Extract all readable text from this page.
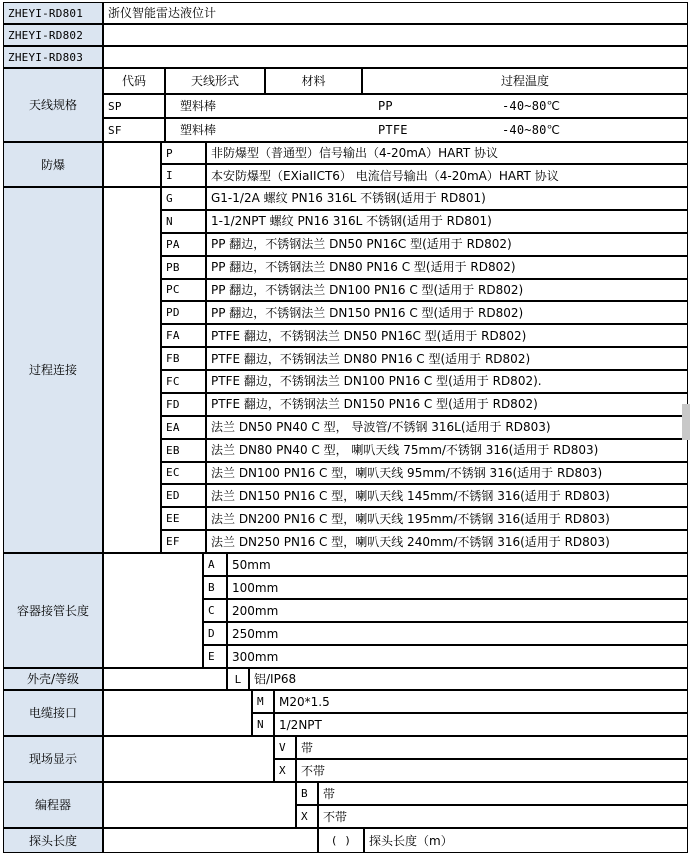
ZHEYI-RD801	浙仪智能雷达液位计
ZHEYI-RD802
ZHEYI-RD803
天线规格
代码	天线形式	材料	过程温度
SP	塑料棒	PP	-40~80℃
SF	塑料棒	PTFE	-40~80℃
防爆
P	非防爆型（普通型）信号输出（4-20mA）HART 协议
I	本安防爆型（EXiaIICT6） 电流信号输出（4-20mA）HART 协议
过程连接
G	G1-1/2A 螺纹 PN16 316L 不锈钢(适用于 RD801)
N	1-1/2NPT 螺纹 PN16 316L 不锈钢(适用于 RD801)
PA	PP 翻边，不锈钢法兰 DN50 PN16C 型(适用于 RD802)
PB	PP 翻边，不锈钢法兰 DN80 PN16 C 型(适用于 RD802)
PC	PP 翻边，不锈钢法兰 DN100 PN16 C 型(适用于 RD802)
PD	PP 翻边，不锈钢法兰 DN150 PN16 C 型(适用于 RD802)
FA	PTFE 翻边，不锈钢法兰 DN50 PN16C 型(适用于 RD802)
FB	PTFE 翻边，不锈钢法兰 DN80 PN16 C 型(适用于 RD802)
FC	PTFE 翻边，不锈钢法兰 DN100 PN16 C 型(适用于 RD802).
FD	PTFE 翻边，不锈钢法兰 DN150 PN16 C 型(适用于 RD802)
EA	法兰 DN50 PN40 C 型， 导波管/不锈钢 316L(适用于 RD803)
EB	法兰 DN80 PN40 C 型， 喇叭天线 75mm/不锈钢 316(适用于 RD803)
EC	法兰 DN100 PN16 C 型，喇叭天线 95mm/不锈钢 316(适用于 RD803)
ED	法兰 DN150 PN16 C 型，喇叭天线 145mm/不锈钢 316(适用于 RD803)
EE	法兰 DN200 PN16 C 型，喇叭天线 195mm/不锈钢 316(适用于 RD803)
EF	法兰 DN250 PN16 C 型，喇叭天线 240mm/不锈钢 316(适用于 RD803)
容器接管长度
A	50mm
B	100mm
C	200mm
D	250mm
E	300mm
外壳/等级	L	铝/IP68
电缆接口
M	M20*1.5
N	1/2NPT
现场显示
V	带
X	不带
编程器
B	带
X	不带
探头长度	( )	探头长度（m）
